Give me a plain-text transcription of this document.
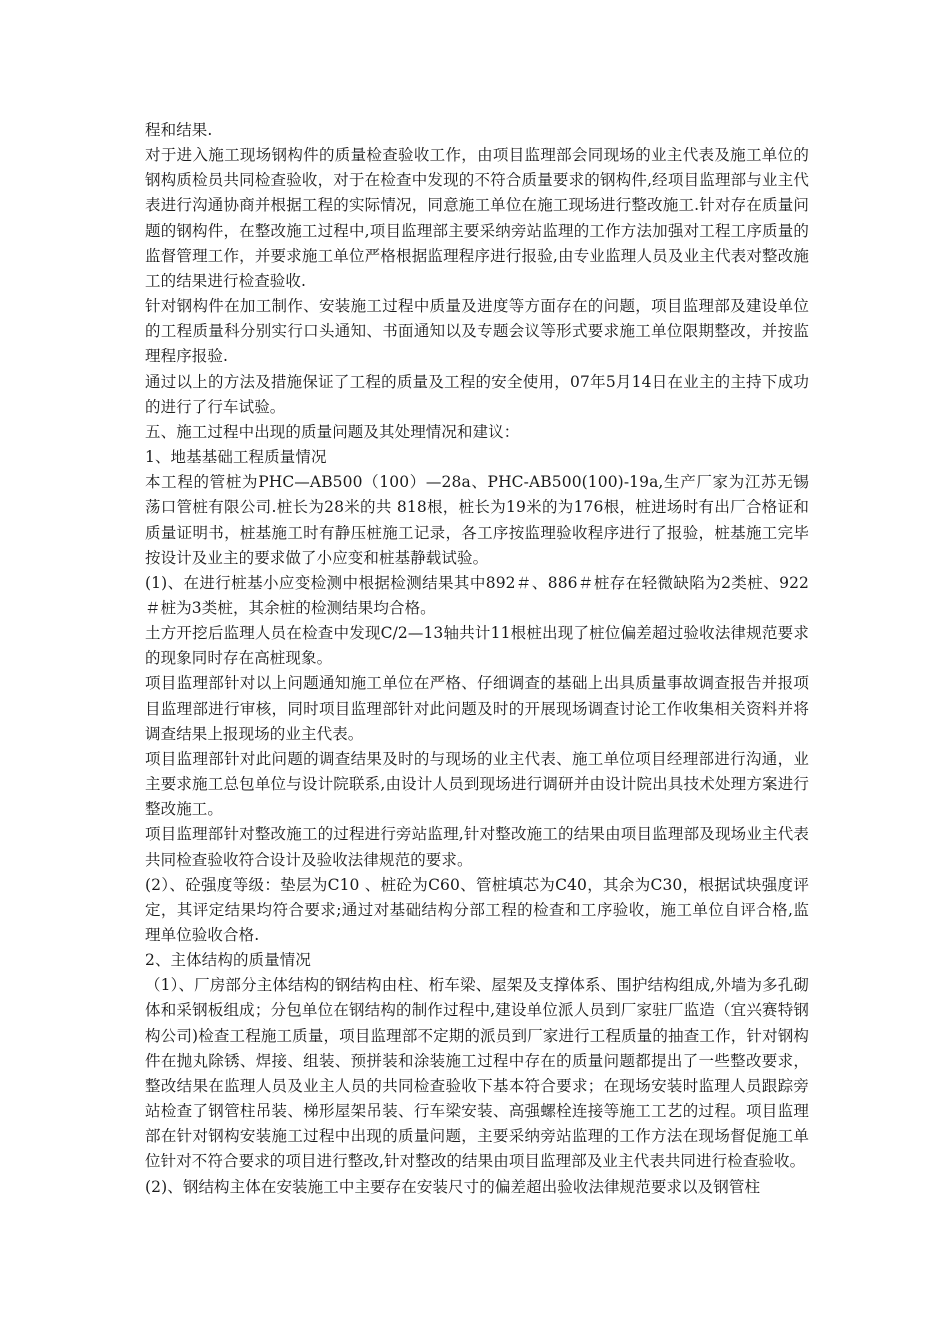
程和结果.

对于进入施工现场钢构件的质量检查验收工作，由项目监理部会同现场的业主代表及施工单位的钢构质检员共同检查验收，对于在检查中发现的不符合质量要求的钢构件,经项目监理部与业主代表进行沟通协商并根据工程的实际情况，同意施工单位在施工现场进行整改施工.针对存在质量问题的钢构件，在整改施工过程中,项目监理部主要采纳旁站监理的工作方法加强对工程工序质量的监督管理工作，并要求施工单位严格根据监理程序进行报验,由专业监理人员及业主代表对整改施工的结果进行检查验收.

针对钢构件在加工制作、安装施工过程中质量及进度等方面存在的问题，项目监理部及建设单位的工程质量科分别实行口头通知、书面通知以及专题会议等形式要求施工单位限期整改，并按监理程序报验.

通过以上的方法及措施保证了工程的质量及工程的安全使用，07年5月14日在业主的主持下成功的进行了行车试验。

五、施工过程中出现的质量问题及其处理情况和建议：

1、地基基础工程质量情况

本工程的管桩为PHC—AB500（100）—28a、PHC-AB500(100)-19a,生产厂家为江苏无锡荡口管桩有限公司.桩长为28米的共 818根，桩长为19米的为176根，桩进场时有出厂合格证和质量证明书，桩基施工时有静压桩施工记录，各工序按监理验收程序进行了报验，桩基施工完毕按设计及业主的要求做了小应变和桩基静载试验。

(1)、在进行桩基小应变检测中根据检测结果其中892＃、886＃桩存在轻微缺陷为2类桩、922＃桩为3类桩，其余桩的检测结果均合格。

土方开挖后监理人员在检查中发现C/2—13轴共计11根桩出现了桩位偏差超过验收法律规范要求的现象同时存在高桩现象。

项目监理部针对以上问题通知施工单位在严格、仔细调查的基础上出具质量事故调查报告并报项目监理部进行审核，同时项目监理部针对此问题及时的开展现场调查讨论工作收集相关资料并将调查结果上报现场的业主代表。

项目监理部针对此问题的调查结果及时的与现场的业主代表、施工单位项目经理部进行沟通，业主要求施工总包单位与设计院联系,由设计人员到现场进行调研并由设计院出具技术处理方案进行整改施工。

项目监理部针对整改施工的过程进行旁站监理,针对整改施工的结果由项目监理部及现场业主代表共同检查验收符合设计及验收法律规范的要求。

(2）、砼强度等级：垫层为C10 、桩砼为C60、管桩填芯为C40，其余为C30，根据试块强度评定，其评定结果均符合要求;通过对基础结构分部工程的检查和工序验收，施工单位自评合格,监理单位验收合格.

2、主体结构的质量情况

（1）、厂房部分主体结构的钢结构由柱、桁车梁、屋架及支撑体系、围护结构组成,外墙为多孔砌体和采钢板组成；分包单位在钢结构的制作过程中,建设单位派人员到厂家驻厂监造（宜兴赛特钢构公司)检查工程施工质量，项目监理部不定期的派员到厂家进行工程质量的抽查工作，针对钢构件在抛丸除锈、焊接、组装、预拼装和涂装施工过程中存在的质量问题都提出了一些整改要求，整改结果在监理人员及业主人员的共同检查验收下基本符合要求；在现场安装时监理人员跟踪旁站检查了钢管柱吊装、梯形屋架吊装、行车梁安装、高强螺栓连接等施工工艺的过程。项目监理部在针对钢构安装施工过程中出现的质量问题，主要采纳旁站监理的工作方法在现场督促施工单位针对不符合要求的项目进行整改,针对整改的结果由项目监理部及业主代表共同进行检查验收。

(2)、钢结构主体在安装施工中主要存在安装尺寸的偏差超出验收法律规范要求以及钢管柱
